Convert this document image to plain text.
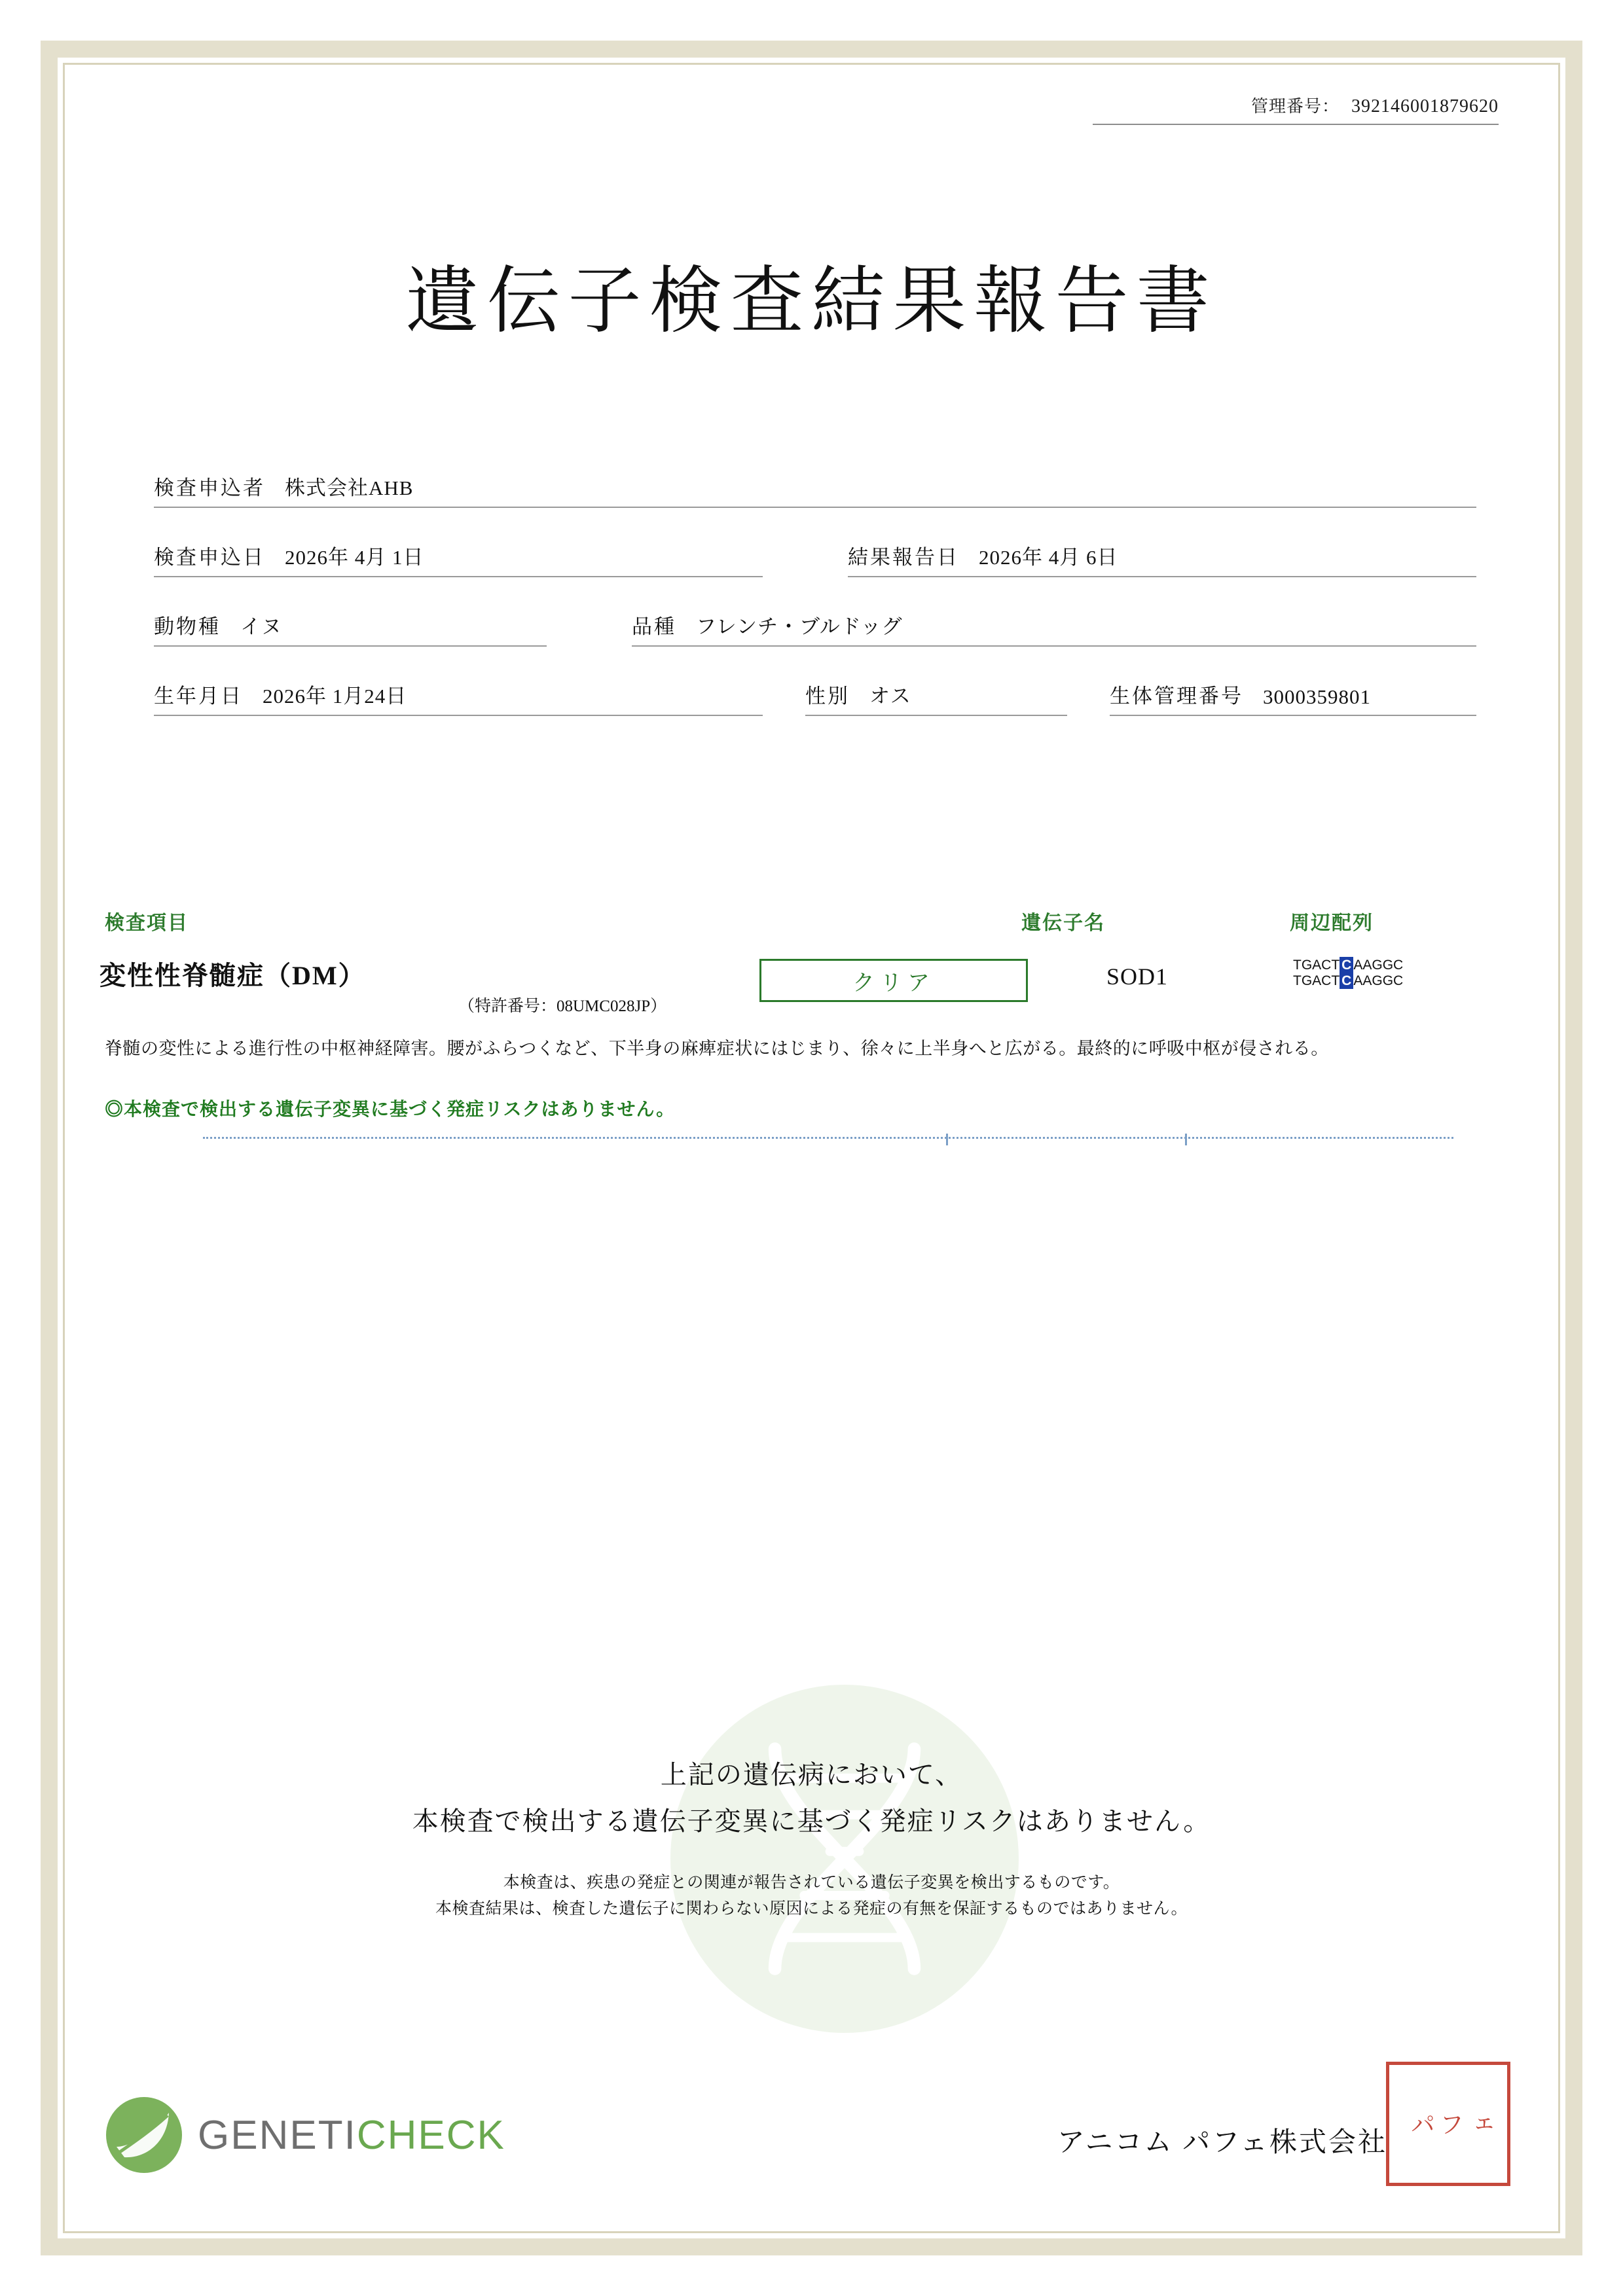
管理番号： 392146001879620
遺伝子検査結果報告書
検査申込者 株式会社AHB
検査申込日 2026年 4月 1日	結果報告日 2026年 4月 6日
動物種 イヌ	品種 フレンチ・ブルドッグ
生年月日 2026年 1月24日	性別 オス	生体管理番号 3000359801
検査項目	遺伝子名	周辺配列
変性性脊髄症（DM）
（特許番号：08UMC028JP）
クリア	SOD1	TGACT C AAGGC TGACT C AAGGC
脊髄の変性による進行性の中枢神経障害。腰がふらつくなど、下半身の麻痺症状にはじまり、徐々に上半身へと広がる。最終的に呼吸中枢が侵される。
◎本検査で検出する遺伝子変異に基づく発症リスクはありません。
上記の遺伝病において、
本検査で検出する遺伝子変異に基づく発症リスクはありません。
本検査は、疾患の発症との関連が報告されている遺伝子変異を検出するものです。
本検査結果は、検査した遺伝子に関わらない原因による発症の有無を保証するものではありません。
GENETICHECK	アニコム パフェ株式会社
パ フ ェ
